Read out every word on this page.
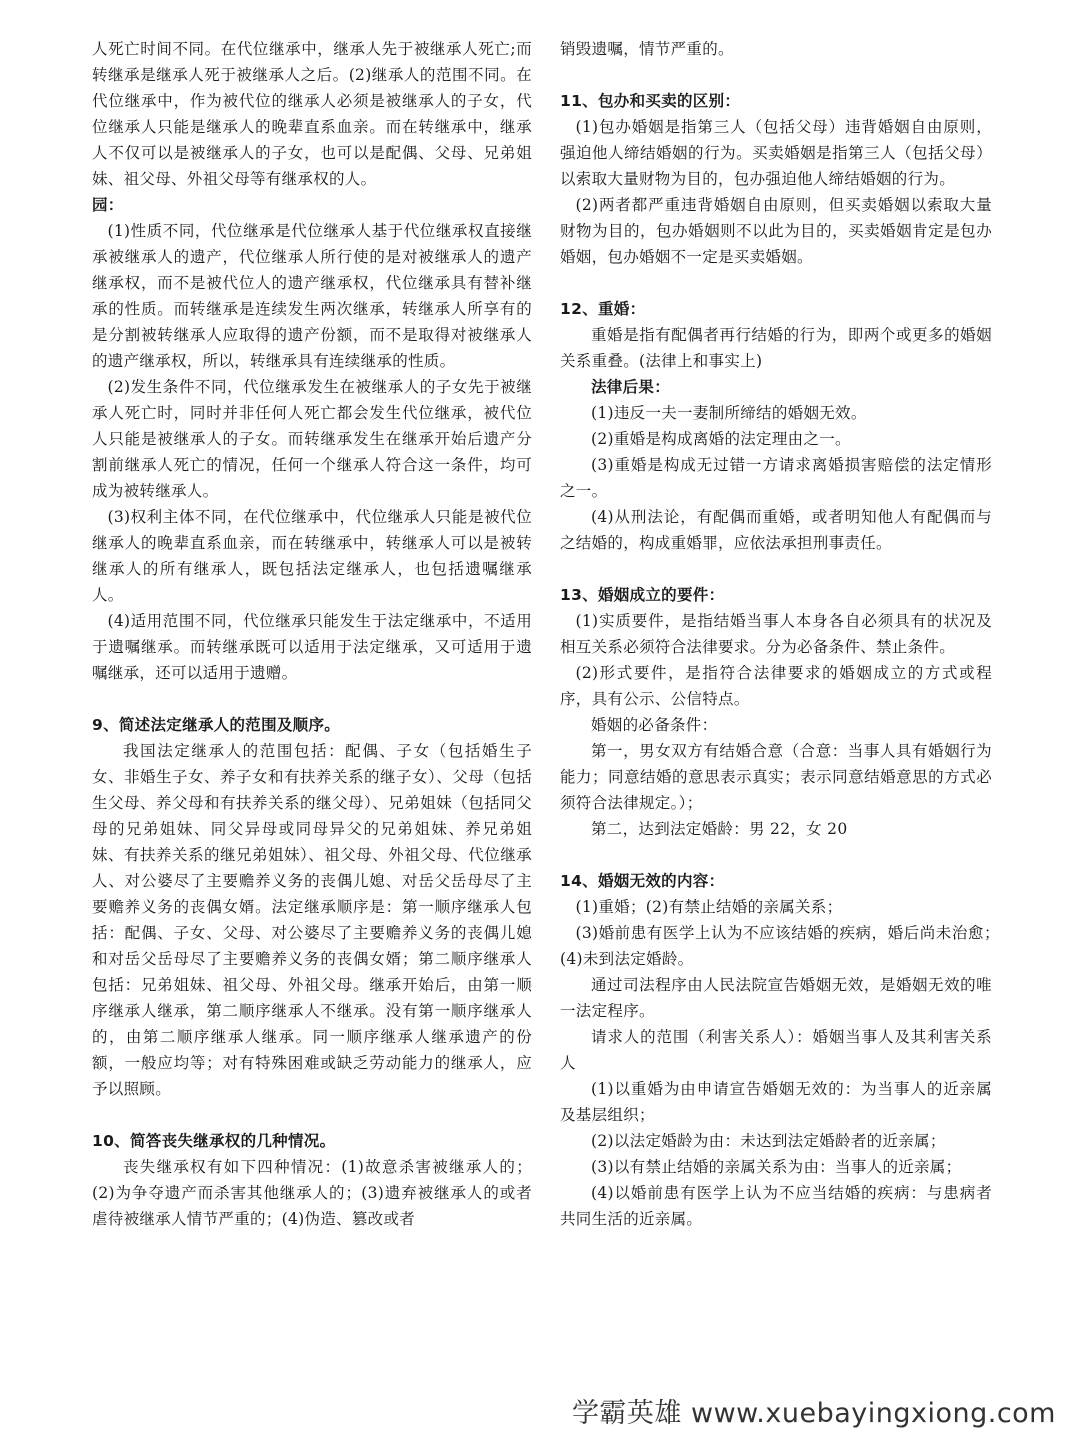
人死亡时间不同。在代位继承中，继承人先于被继承人死亡;而转继承是继承人死于被继承人之后。(2)继承人的范围不同。在代位继承中，作为被代位的继承人必须是被继承人的子女，代位继承人只能是继承人的晚辈直系血亲。而在转继承中，继承人不仅可以是被继承人的子女，也可以是配偶、父母、兄弟姐妹、祖父母、外祖父母等有继承权的人。

园：

(1)性质不同，代位继承是代位继承人基于代位继承权直接继承被继承人的遗产，代位继承人所行使的是对被继承人的遗产继承权，而不是被代位人的遗产继承权，代位继承具有替补继承的性质。而转继承是连续发生两次继承，转继承人所享有的是分割被转继承人应取得的遗产份额，而不是取得对被继承人的遗产继承权，所以，转继承具有连续继承的性质。

(2)发生条件不同，代位继承发生在被继承人的子女先于被继承人死亡时，同时并非任何人死亡都会发生代位继承，被代位人只能是被继承人的子女。而转继承发生在继承开始后遗产分割前继承人死亡的情况，任何一个继承人符合这一条件，均可成为被转继承人。

(3)权利主体不同，在代位继承中，代位继承人只能是被代位继承人的晚辈直系血亲，而在转继承中，转继承人可以是被转继承人的所有继承人，既包括法定继承人，也包括遗嘱继承人。

(4)适用范围不同，代位继承只能发生于法定继承中，不适用于遗嘱继承。而转继承既可以适用于法定继承，又可适用于遗嘱继承，还可以适用于遗赠。

9、简述法定继承人的范围及顺序。

我国法定继承人的范围包括：配偶、子女（包括婚生子女、非婚生子女、养子女和有扶养关系的继子女）、父母（包括生父母、养父母和有扶养关系的继父母）、兄弟姐妹（包括同父母的兄弟姐妹、同父异母或同母异父的兄弟姐妹、养兄弟姐妹、有扶养关系的继兄弟姐妹）、祖父母、外祖父母、代位继承人、对公婆尽了主要赡养义务的丧偶儿媳、对岳父岳母尽了主要赡养义务的丧偶女婿。法定继承顺序是：第一顺序继承人包括：配偶、子女、父母、对公婆尽了主要赡养义务的丧偶儿媳和对岳父岳母尽了主要赡养义务的丧偶女婿；第二顺序继承人包括：兄弟姐妹、祖父母、外祖父母。继承开始后，由第一顺序继承人继承，第二顺序继承人不继承。没有第一顺序继承人的，由第二顺序继承人继承。同一顺序继承人继承遗产的份额，一般应均等；对有特殊困难或缺乏劳动能力的继承人，应予以照顾。

10、简答丧失继承权的几种情况。

丧失继承权有如下四种情况：(1)故意杀害被继承人的；(2)为争夺遗产而杀害其他继承人的；(3)遗弃被继承人的或者虐待被继承人情节严重的；(4)伪造、篡改或者

销毁遗嘱，情节严重的。

11、包办和买卖的区别：

(1)包办婚姻是指第三人（包括父母）违背婚姻自由原则，强迫他人缔结婚姻的行为。买卖婚姻是指第三人（包括父母）以索取大量财物为目的，包办强迫他人缔结婚姻的行为。

(2)两者都严重违背婚姻自由原则，但买卖婚姻以索取大量财物为目的，包办婚姻则不以此为目的，买卖婚姻肯定是包办婚姻，包办婚姻不一定是买卖婚姻。

12、重婚：

重婚是指有配偶者再行结婚的行为，即两个或更多的婚姻关系重叠。(法律上和事实上)

法律后果：

(1)违反一夫一妻制所缔结的婚姻无效。

(2)重婚是构成离婚的法定理由之一。

(3)重婚是构成无过错一方请求离婚损害赔偿的法定情形之一。

(4)从刑法论，有配偶而重婚，或者明知他人有配偶而与之结婚的，构成重婚罪，应依法承担刑事责任。

13、婚姻成立的要件：

(1)实质要件，是指结婚当事人本身各自必须具有的状况及相互关系必须符合法律要求。分为必备条件、禁止条件。

(2)形式要件，是指符合法律要求的婚姻成立的方式或程序，具有公示、公信特点。

婚姻的必备条件：

第一，男女双方有结婚合意（合意：当事人具有婚姻行为能力；同意结婚的意思表示真实；表示同意结婚意思的方式必须符合法律规定。）；

第二，达到法定婚龄：男 22，女 20

14、婚姻无效的内容：

(1)重婚；(2)有禁止结婚的亲属关系；

(3)婚前患有医学上认为不应该结婚的疾病，婚后尚未治愈；　　(4)未到法定婚龄。

通过司法程序由人民法院宣告婚姻无效，是婚姻无效的唯一法定程序。

请求人的范围（利害关系人）：婚姻当事人及其利害关系人

(1)以重婚为由申请宣告婚姻无效的：为当事人的近亲属及基层组织；

(2)以法定婚龄为由：未达到法定婚龄者的近亲属；

(3)以有禁止结婚的亲属关系为由：当事人的近亲属；

(4)以婚前患有医学上认为不应当结婚的疾病：与患病者共同生活的近亲属。

学霸英雄 www.xuebayingxiong.com
